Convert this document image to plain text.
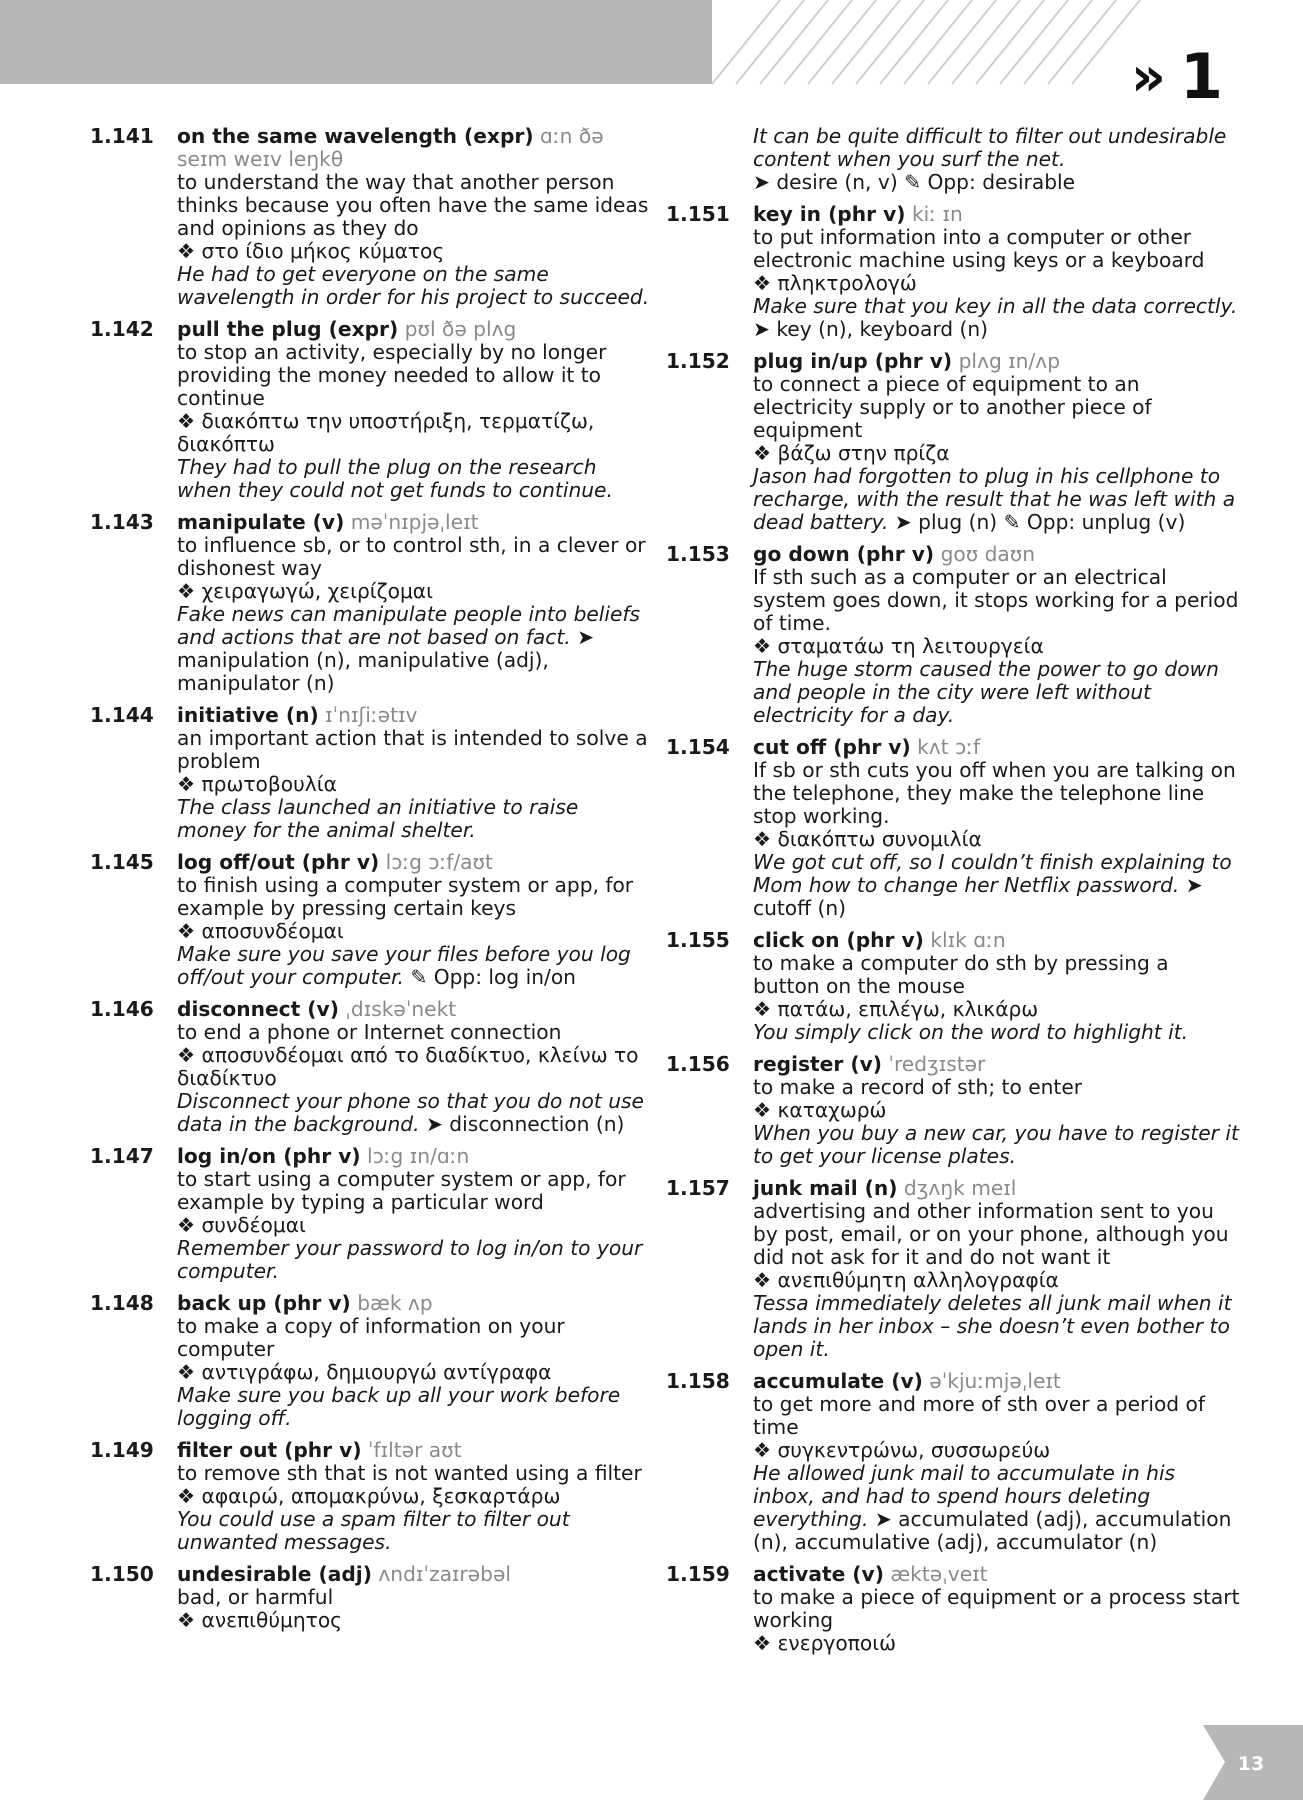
» 1
1.141 on the same wavelength (expr) ɑːn ðə seɪm weɪv leŋkθ
to understand the way that another person thinks because you often have the same ideas and opinions as they do
❖ στο ίδιο μήκος κύματος
He had to get everyone on the same wavelength in order for his project to succeed.
1.142 pull the plug (expr) pʊl ðə plʌg
to stop an activity, especially by no longer providing the money needed to allow it to continue
❖ διακόπτω την υποστήριξη, τερματίζω, διακόπτω
They had to pull the plug on the research when they could not get funds to continue.
1.143 manipulate (v) məˈnɪpjəˌleɪt
to influence sb, or to control sth, in a clever or dishonest way
❖ χειραγωγώ, χειρίζομαι
Fake news can manipulate people into beliefs and actions that are not based on fact. ➤ manipulation (n), manipulative (adj), manipulator (n)
1.144 initiative (n) ɪˈnɪʃiːətɪv
an important action that is intended to solve a problem
❖ πρωτοβουλία
The class launched an initiative to raise money for the animal shelter.
1.145 log off/out (phr v) lɔːg ɔːf/aʊt
to finish using a computer system or app, for example by pressing certain keys
❖ αποσυνδέομαι
Make sure you save your files before you log off/out your computer. ✎ Opp: log in/on
1.146 disconnect (v) ˌdɪskəˈnekt
to end a phone or Internet connection
❖ αποσυνδέομαι από το διαδίκτυο, κλείνω το διαδίκτυο
Disconnect your phone so that you do not use data in the background. ➤ disconnection (n)
1.147 log in/on (phr v) lɔːg ɪn/ɑːn
to start using a computer system or app, for example by typing a particular word
❖ συνδέομαι
Remember your password to log in/on to your computer.
1.148 back up (phr v) bæk ʌp
to make a copy of information on your computer
❖ αντιγράφω, δημιουργώ αντίγραφα
Make sure you back up all your work before logging off.
1.149 filter out (phr v) ˈfɪltər aʊt
to remove sth that is not wanted using a filter
❖ αφαιρώ, απομακρύνω, ξεσκαρτάρω
You could use a spam filter to filter out unwanted messages.
1.150 undesirable (adj) ʌndɪˈzaɪrəbəl
bad, or harmful
❖ ανεπιθύμητος
It can be quite difficult to filter out undesirable content when you surf the net.
➤ desire (n, v) ✎ Opp: desirable
1.151 key in (phr v) kiː ɪn
to put information into a computer or other electronic machine using keys or a keyboard
❖ πληκτρολογώ
Make sure that you key in all the data correctly. ➤ key (n), keyboard (n)
1.152 plug in/up (phr v) plʌg ɪn/ʌp
to connect a piece of equipment to an electricity supply or to another piece of equipment
❖ βάζω στην πρίζα
Jason had forgotten to plug in his cellphone to recharge, with the result that he was left with a dead battery. ➤ plug (n) ✎ Opp: unplug (v)
1.153 go down (phr v) goʊ daʊn
If sth such as a computer or an electrical system goes down, it stops working for a period of time.
❖ σταματάω τη λειτουργεία
The huge storm caused the power to go down and people in the city were left without electricity for a day.
1.154 cut off (phr v) kʌt ɔːf
If sb or sth cuts you off when you are talking on the telephone, they make the telephone line stop working.
❖ διακόπτω συνομιλία
We got cut off, so I couldn’t finish explaining to Mom how to change her Netflix password. ➤ cutoff (n)
1.155 click on (phr v) klɪk ɑːn
to make a computer do sth by pressing a button on the mouse
❖ πατάω, επιλέγω, κλικάρω
You simply click on the word to highlight it.
1.156 register (v) ˈredʒɪstər
to make a record of sth; to enter
❖ καταχωρώ
When you buy a new car, you have to register it to get your license plates.
1.157 junk mail (n) dʒʌŋk meɪl
advertising and other information sent to you by post, email, or on your phone, although you did not ask for it and do not want it
❖ ανεπιθύμητη αλληλογραφία
Tessa immediately deletes all junk mail when it lands in her inbox – she doesn’t even bother to open it.
1.158 accumulate (v) əˈkjuːmjəˌleɪt
to get more and more of sth over a period of time
❖ συγκεντρώνω, συσσωρεύω
He allowed junk mail to accumulate in his inbox, and had to spend hours deleting everything. ➤ accumulated (adj), accumulation (n), accumulative (adj), accumulator (n)
1.159 activate (v) æktəˌveɪt
to make a piece of equipment or a process start working
❖ ενεργοποιώ
13
